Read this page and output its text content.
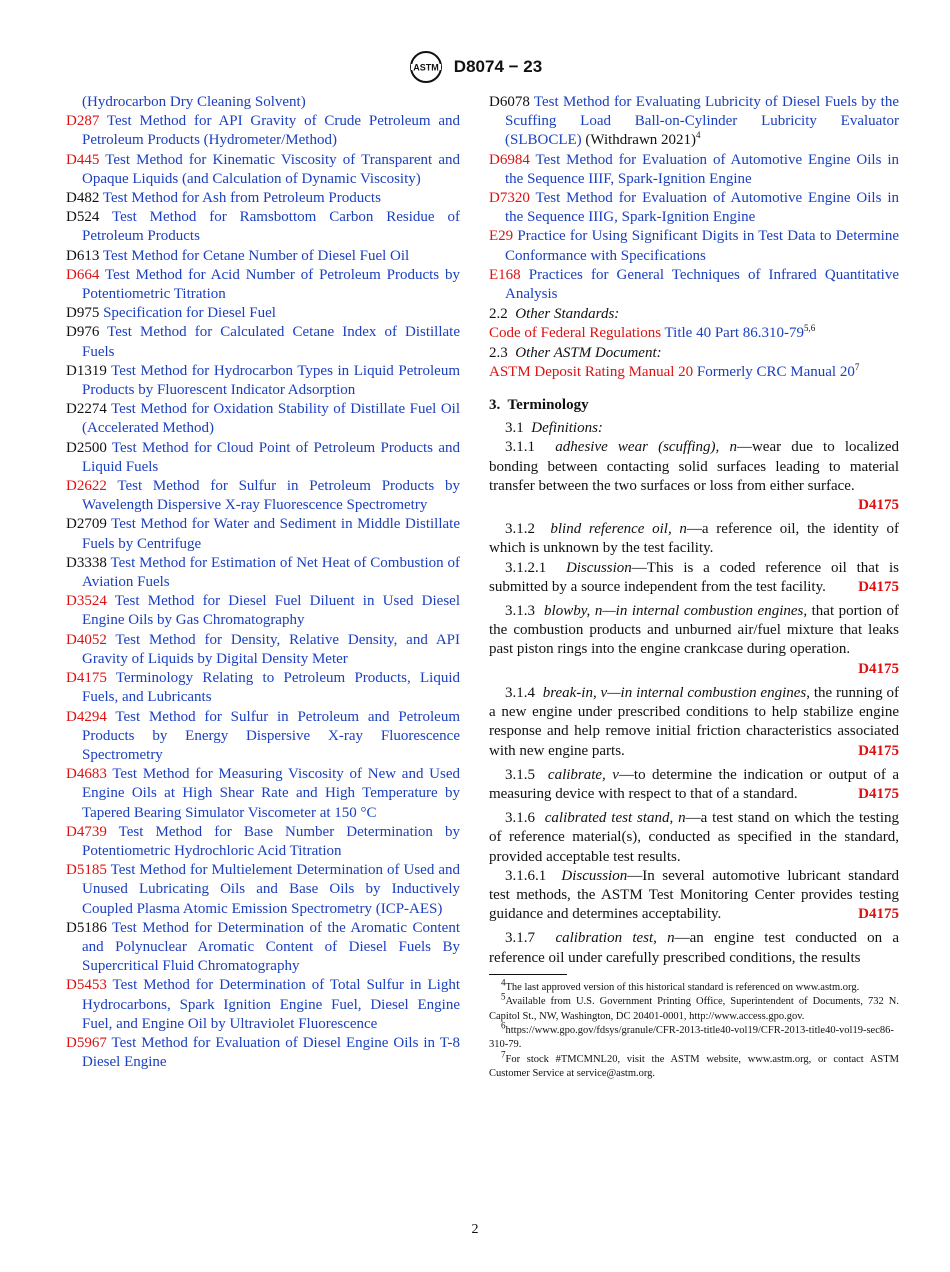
ASTM D8074 − 23
(Hydrocarbon Dry Cleaning Solvent)
D287 Test Method for API Gravity of Crude Petroleum and Petroleum Products (Hydrometer/Method)
D445 Test Method for Kinematic Viscosity of Transparent and Opaque Liquids (and Calculation of Dynamic Viscosity)
D482 Test Method for Ash from Petroleum Products
D524 Test Method for Ramsbottom Carbon Residue of Petroleum Products
D613 Test Method for Cetane Number of Diesel Fuel Oil
D664 Test Method for Acid Number of Petroleum Products by Potentiometric Titration
D975 Specification for Diesel Fuel
D976 Test Method for Calculated Cetane Index of Distillate Fuels
D1319 Test Method for Hydrocarbon Types in Liquid Petroleum Products by Fluorescent Indicator Adsorption
D2274 Test Method for Oxidation Stability of Distillate Fuel Oil (Accelerated Method)
D2500 Test Method for Cloud Point of Petroleum Products and Liquid Fuels
D2622 Test Method for Sulfur in Petroleum Products by Wavelength Dispersive X-ray Fluorescence Spectrometry
D2709 Test Method for Water and Sediment in Middle Distillate Fuels by Centrifuge
D3338 Test Method for Estimation of Net Heat of Combustion of Aviation Fuels
D3524 Test Method for Diesel Fuel Diluent in Used Diesel Engine Oils by Gas Chromatography
D4052 Test Method for Density, Relative Density, and API Gravity of Liquids by Digital Density Meter
D4175 Terminology Relating to Petroleum Products, Liquid Fuels, and Lubricants
D4294 Test Method for Sulfur in Petroleum and Petroleum Products by Energy Dispersive X-ray Fluorescence Spectrometry
D4683 Test Method for Measuring Viscosity of New and Used Engine Oils at High Shear Rate and High Temperature by Tapered Bearing Simulator Viscometer at 150 °C
D4739 Test Method for Base Number Determination by Potentiometric Hydrochloric Acid Titration
D5185 Test Method for Multielement Determination of Used and Unused Lubricating Oils and Base Oils by Inductively Coupled Plasma Atomic Emission Spectrometry (ICP-AES)
D5186 Test Method for Determination of the Aromatic Content and Polynuclear Aromatic Content of Diesel Fuels By Supercritical Fluid Chromatography
D5453 Test Method for Determination of Total Sulfur in Light Hydrocarbons, Spark Ignition Engine Fuel, Diesel Engine Fuel, and Engine Oil by Ultraviolet Fluorescence
D5967 Test Method for Evaluation of Diesel Engine Oils in T-8 Diesel Engine
D6078 Test Method for Evaluating Lubricity of Diesel Fuels by the Scuffing Load Ball-on-Cylinder Lubricity Evaluator (SLBOCLE) (Withdrawn 2021)$^4$
D6984 Test Method for Evaluation of Automotive Engine Oils in the Sequence IIIF, Spark-Ignition Engine
D7320 Test Method for Evaluation of Automotive Engine Oils in the Sequence IIIG, Spark-Ignition Engine
E29 Practice for Using Significant Digits in Test Data to Determine Conformance with Specifications
E168 Practices for General Techniques of Infrared Quantitative Analysis
2.2 Other Standards:
Code of Federal Regulations Title 40 Part 86.310-79$^{5,6}$
2.3 Other ASTM Document:
ASTM Deposit Rating Manual 20 Formerly CRC Manual $20^7$
3. Terminology
3.1 Definitions:
3.1.1 adhesive wear (scuffing), n—wear due to localized bonding between contacting solid surfaces leading to material transfer between the two surfaces or loss from either surface.
D4175
3.1.2 blind reference oil, n—a reference oil, the identity of which is unknown by the test facility.
3.1.2.1 Discussion—This is a coded reference oil that is submitted by a source independent from the test facility.	D4175
3.1.3 blowby, n—in internal combustion engines, that portion of the combustion products and unburned air/fuel mixture that leaks past piston rings into the engine crankcase during operation.
D4175
3.1.4 break-in, v—in internal combustion engines, the running of a new engine under prescribed conditions to help stabilize engine response and help remove initial friction characteristics associated with new engine parts.	D4175
3.1.5 calibrate, v—to determine the indication or output of a measuring device with respect to that of a standard.	D4175
3.1.6 calibrated test stand, n—a test stand on which the testing of reference material(s), conducted as specified in the standard, provided acceptable test results.
3.1.6.1 Discussion—In several automotive lubricant standard test methods, the ASTM Test Monitoring Center provides testing guidance and determines acceptability.	D4175
3.1.7 calibration test, n—an engine test conducted on a reference oil under carefully prescribed conditions, the results
4The last approved version of this historical standard is referenced on www.astm.org.
5Available from U.S. Government Printing Office, Superintendent of Documents, 732 N. Capitol St., NW, Washington, DC 20401-0001, http://www.access.gpo.gov.
6https://www.gpo.gov/fdsys/granule/CFR-2013-title40-vol19/CFR-2013-title40-vol19-sec86-310-79.
7For stock #TMCMNL20, visit the ASTM website, www.astm.org, or contact ASTM Customer Service at service@astm.org.
2
